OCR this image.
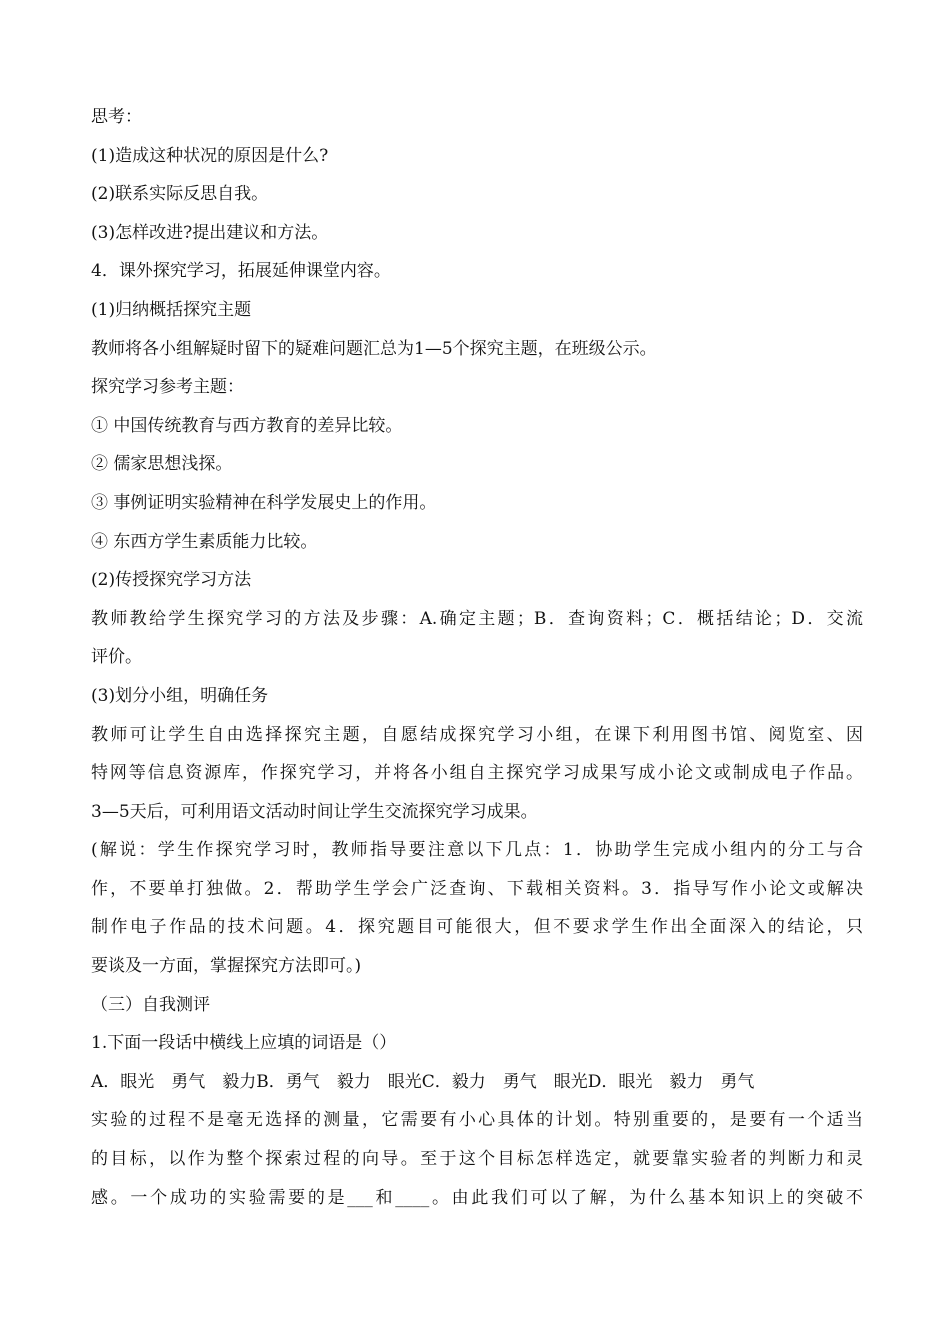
思考：
(1)造成这种状况的原因是什么?
(2)联系实际反思自我。
(3)怎样改进?提出建议和方法。
4．课外探究学习，拓展延伸课堂内容。
(1)归纳概括探究主题
教师将各小组解疑时留下的疑难问题汇总为1—5个探究主题，在班级公示。
探究学习参考主题：
① 中国传统教育与西方教育的差异比较。
② 儒家思想浅探。
③ 事例证明实验精神在科学发展史上的作用。
④ 东西方学生素质能力比较。
(2)传授探究学习方法
教师教给学生探究学习的方法及步骤：A.确定主题；B．查询资料；C．概括结论；D．交流
评价。
(3)划分小组，明确任务
教师可让学生自由选择探究主题，自愿结成探究学习小组，在课下利用图书馆、阅览室、因
特网等信息资源库，作探究学习，并将各小组自主探究学习成果写成小论文或制成电子作品。
3—5天后，可利用语文活动时间让学生交流探究学习成果。
(解说：学生作探究学习时，教师指导要注意以下几点：1．协助学生完成小组内的分工与合
作，不要单打独做。2．帮助学生学会广泛查询、下载相关资料。3．指导写作小论文或解决
制作电子作品的技术问题。4．探究题目可能很大，但不要求学生作出全面深入的结论，只
要谈及一方面，掌握探究方法即可。)
（三）自我测评
1.下面一段话中横线上应填的词语是（）
A．眼光　勇气　毅力B．勇气　毅力　眼光C．毅力　勇气　眼光D．眼光　毅力　勇气
实验的过程不是毫无选择的测量，它需要有小心具体的计划。特别重要的，是要有一个适当
的目标，以作为整个探索过程的向导。至于这个目标怎样选定，就要靠实验者的判断力和灵
感。一个成功的实验需要的是___和____。由此我们可以了解，为什么基本知识上的突破不
